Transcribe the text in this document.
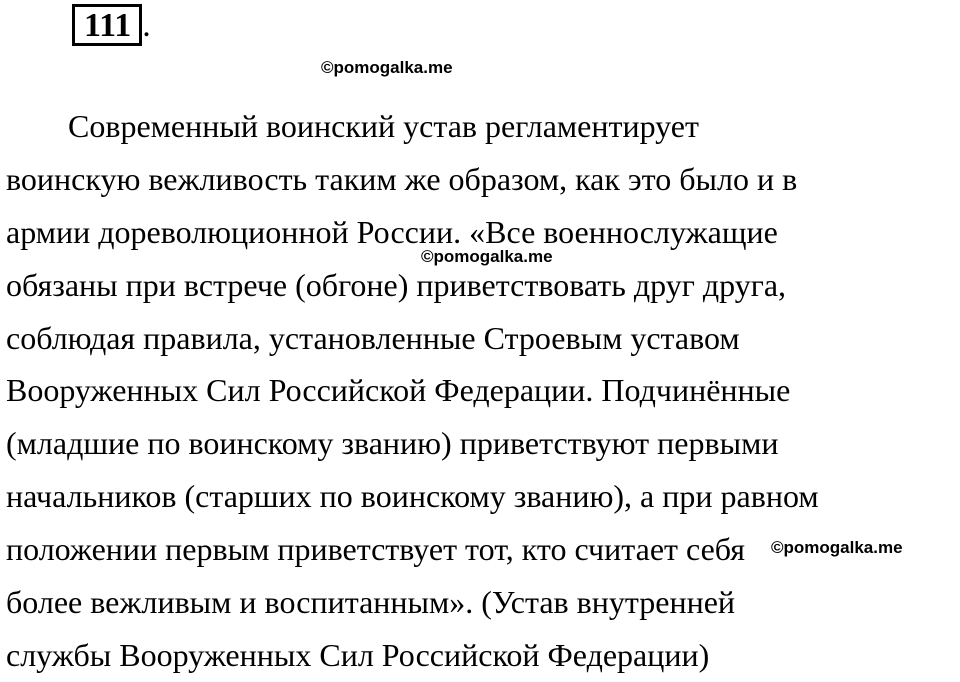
111 .
©pomogalka.me
Современный воинский устав регламентирует
воинскую вежливость таким же образом, как это было и в
армии дореволюционной России. «Все военнослужащие
обязаны при встрече (обгоне) приветствовать друг друга,
соблюдая правила, установленные Строевым уставом
Вооруженных Сил Российской Федерации. Подчинённые
(младшие по воинскому званию) приветствуют первыми
начальников (старших по воинскому званию), а при равном
положении первым приветствует тот, кто считает себя
более вежливым и воспитанным». (Устав внутренней
службы Вооруженных Сил Российской Федерации)
©pomogalka.me
©pomogalka.me
